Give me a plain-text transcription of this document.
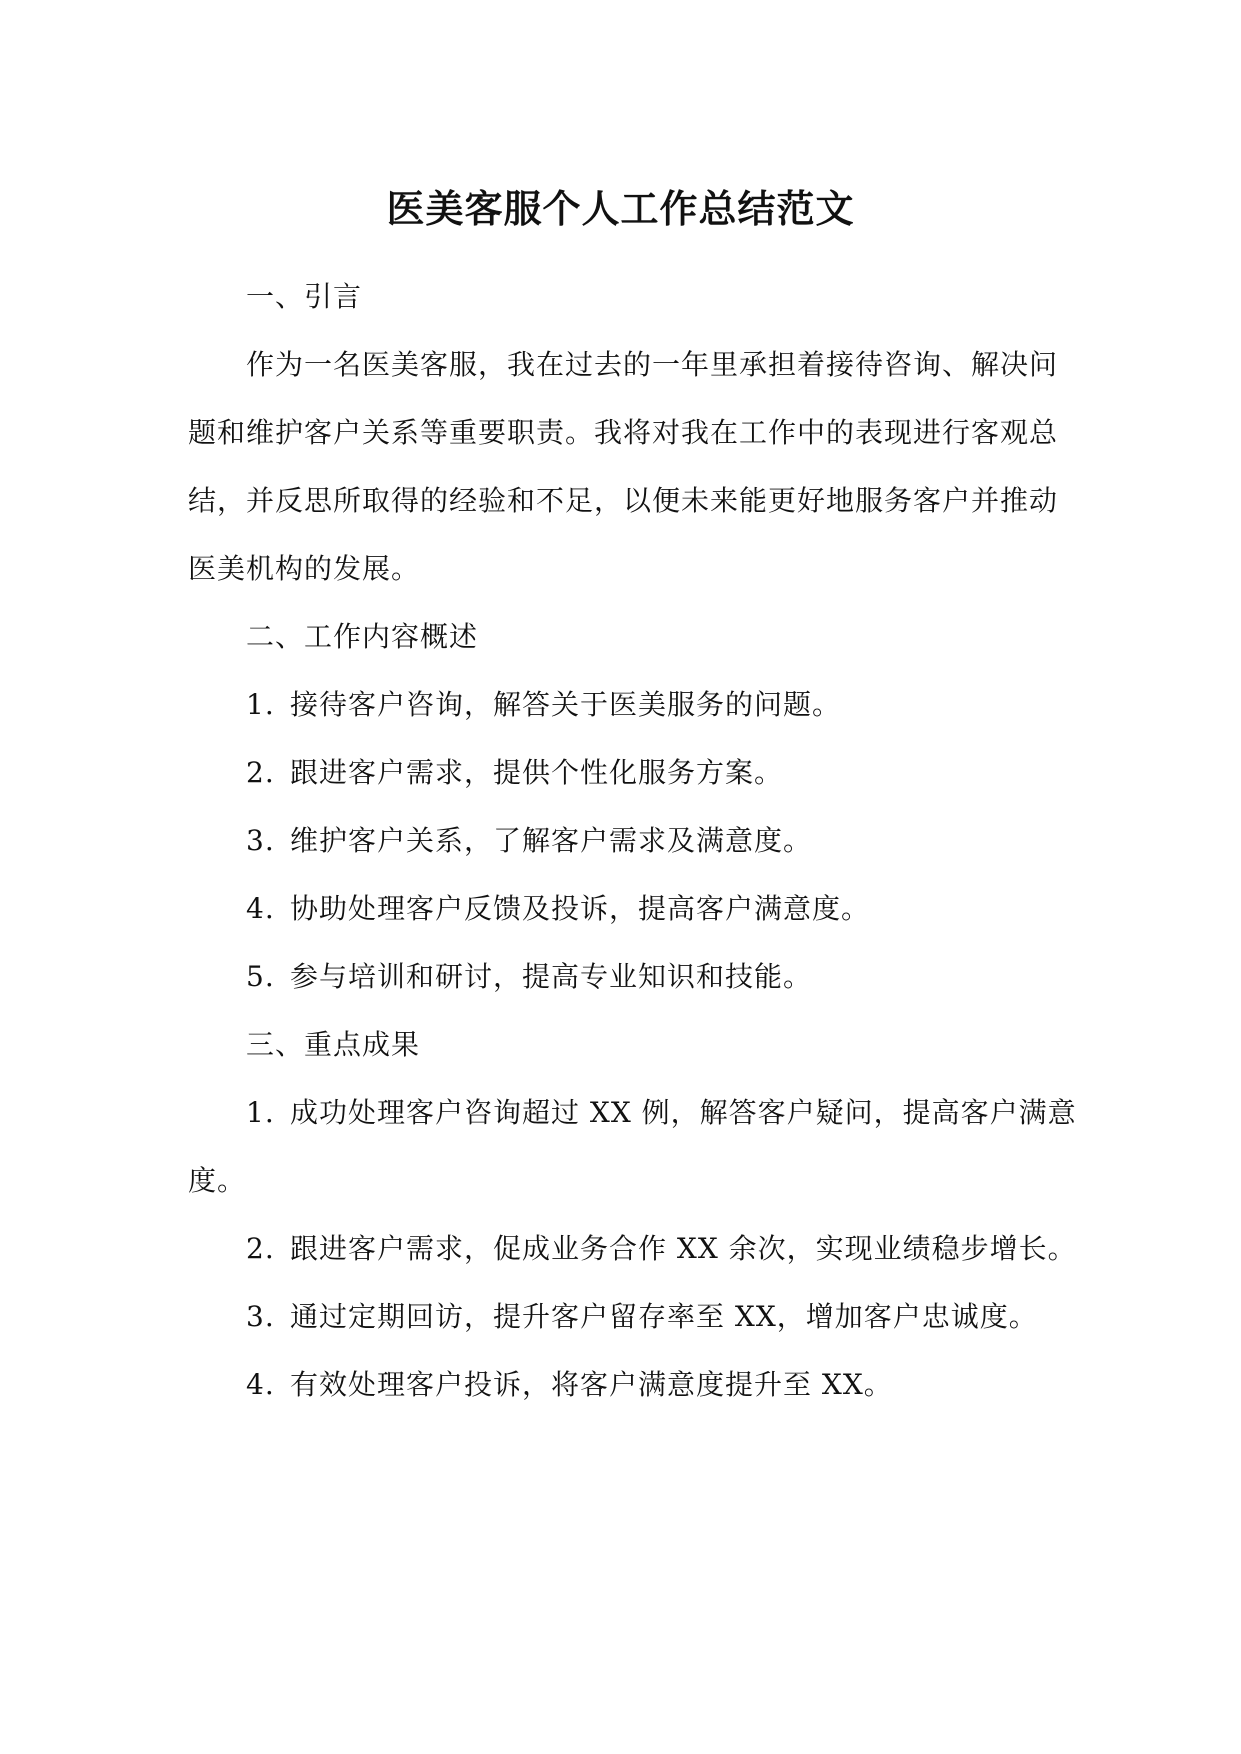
医美客服个人工作总结范文
一、引言
作为一名医美客服，我在过去的一年里承担着接待咨询、解决问
题和维护客户关系等重要职责。我将对我在工作中的表现进行客观总
结，并反思所取得的经验和不足，以便未来能更好地服务客户并推动
医美机构的发展。
二、工作内容概述
1. 接待客户咨询，解答关于医美服务的问题。
2. 跟进客户需求，提供个性化服务方案。
3. 维护客户关系，了解客户需求及满意度。
4. 协助处理客户反馈及投诉，提高客户满意度。
5. 参与培训和研讨，提高专业知识和技能。
三、重点成果
1. 成功处理客户咨询超过 XX 例，解答客户疑问，提高客户满意
度。
2. 跟进客户需求，促成业务合作 XX 余次，实现业绩稳步增长。
3. 通过定期回访，提升客户留存率至 XX，增加客户忠诚度。
4. 有效处理客户投诉，将客户满意度提升至 XX。
